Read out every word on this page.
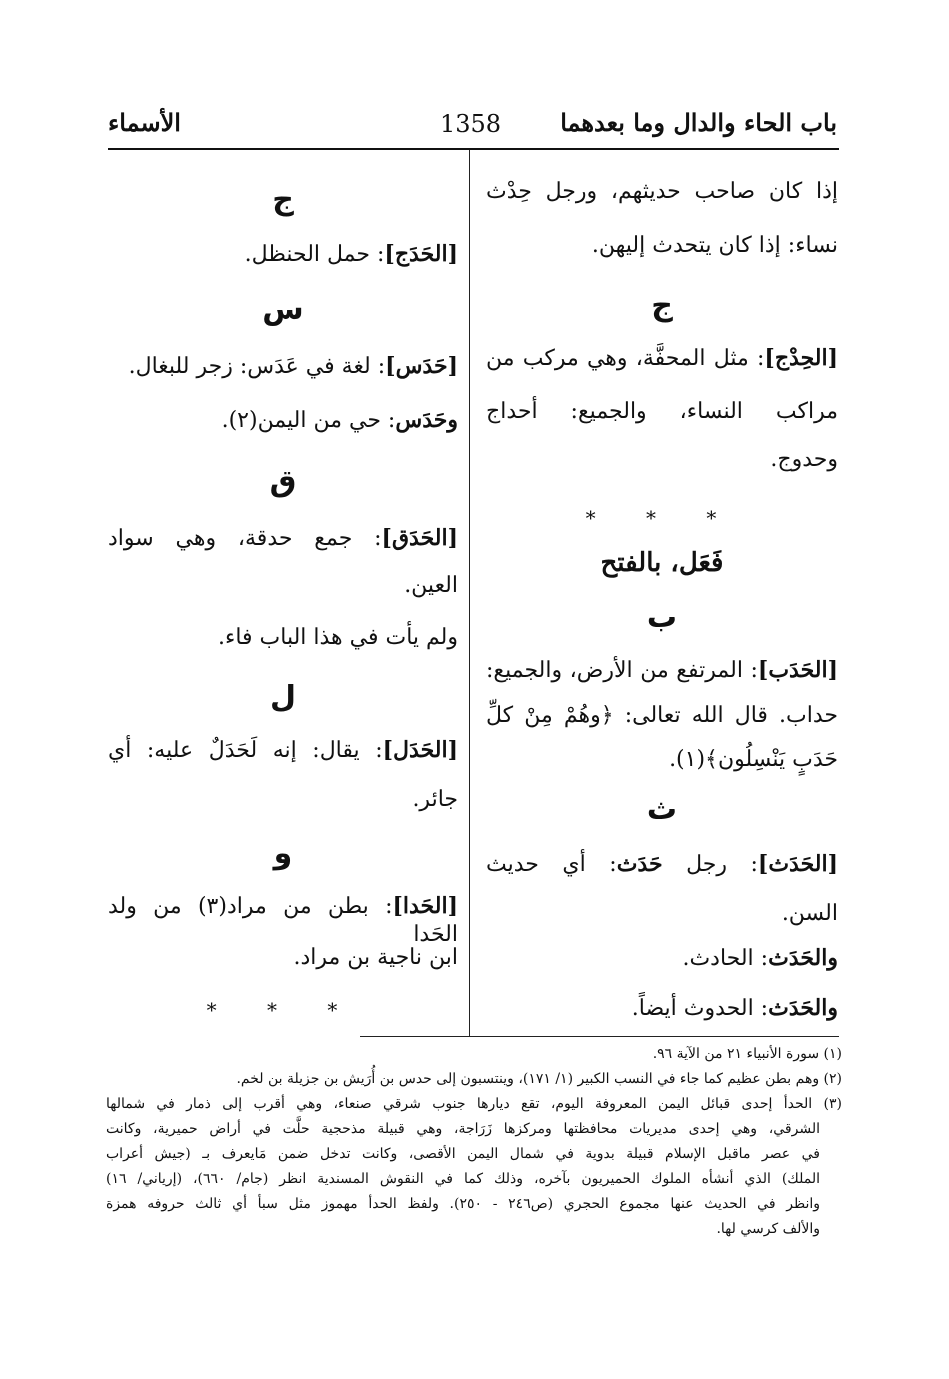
باب الحاء والدال وما بعدهما
1358
الأسماء
إذا كان صاحب حديثهم، ورجل حِدْث
نساء: إذا كان يتحدث إليهن.
ج
[الحِدْج]: مثل المحفَّة، وهي مركب من
مراكب النساء، والجميع: أحداج
وحدوج.
* * *
فَعَل، بالفتح
ب
[الحَدَب]: المرتفع من الأرض، والجميع:
حداب. قال الله تعالى: ﴿وهُمْ مِنْ كلِّ
حَدَبٍ يَنْسِلُون﴾(١).
ث
[الحَدَث]: رجل حَدَث: أي حديث
السن.
والحَدَث: الحادث.
والحَدَث: الحدوث أيضاً.
ج
[الحَدَج]: حمل الحنظل.
س
[حَدَس]: لغة في عَدَس: زجر للبغال.
وحَدَس: حي من اليمن(٢).
ق
[الحَدَق]: جمع حدقة، وهي سواد
العين.
ولم يأت في هذا الباب فاء.
ل
[الحَدَل]: يقال: إنه لَحَدَلٌ عليه: أي
جائر.
و
[الحَدا]: بطن من مراد(٣) من ولد الحَدا
ابن ناجية بن مراد.
* * *
(١) سورة الأنبياء ٢١ من الآية ٩٦.
(٢) وهم بطن عظيم كما جاء في النسب الكبير (١/ ١٧١)، وينتسبون إلى حدس بن أُرَيش بن جزيلة بن لخم.
(٣) الحدأ إحدى قبائل اليمن المعروفة اليوم، تقع ديارها جنوب شرقي صنعاء، وهي أقرب إلى ذمار في شمالها
الشرقي، وهي إحدى مديريات محافظتها ومركزها زَرَاجة، وهي قبيلة مذحجية حلَّت في أراض حميرية، وكانت
في عصر ماقبل الإسلام قبيلة بدوية في شمال اليمن الأقصى، وكانت تدخل ضمن مَايعرف بـ (جيش أعراب
الملك) الذي أنشأه الملوك الحميريون بآخره، وذلك كما في النقوش المسندية انظر (جام/ ٦٦٠)، (إرياني/ ١٦)
وانظر في الحديث عنها مجموع الحجري (ص٢٤٦ - ٢٥٠). ولفظ الحدأ مهموز مثل سبأ أي ثالث حروفه همزة
والألف كرسي لها.
